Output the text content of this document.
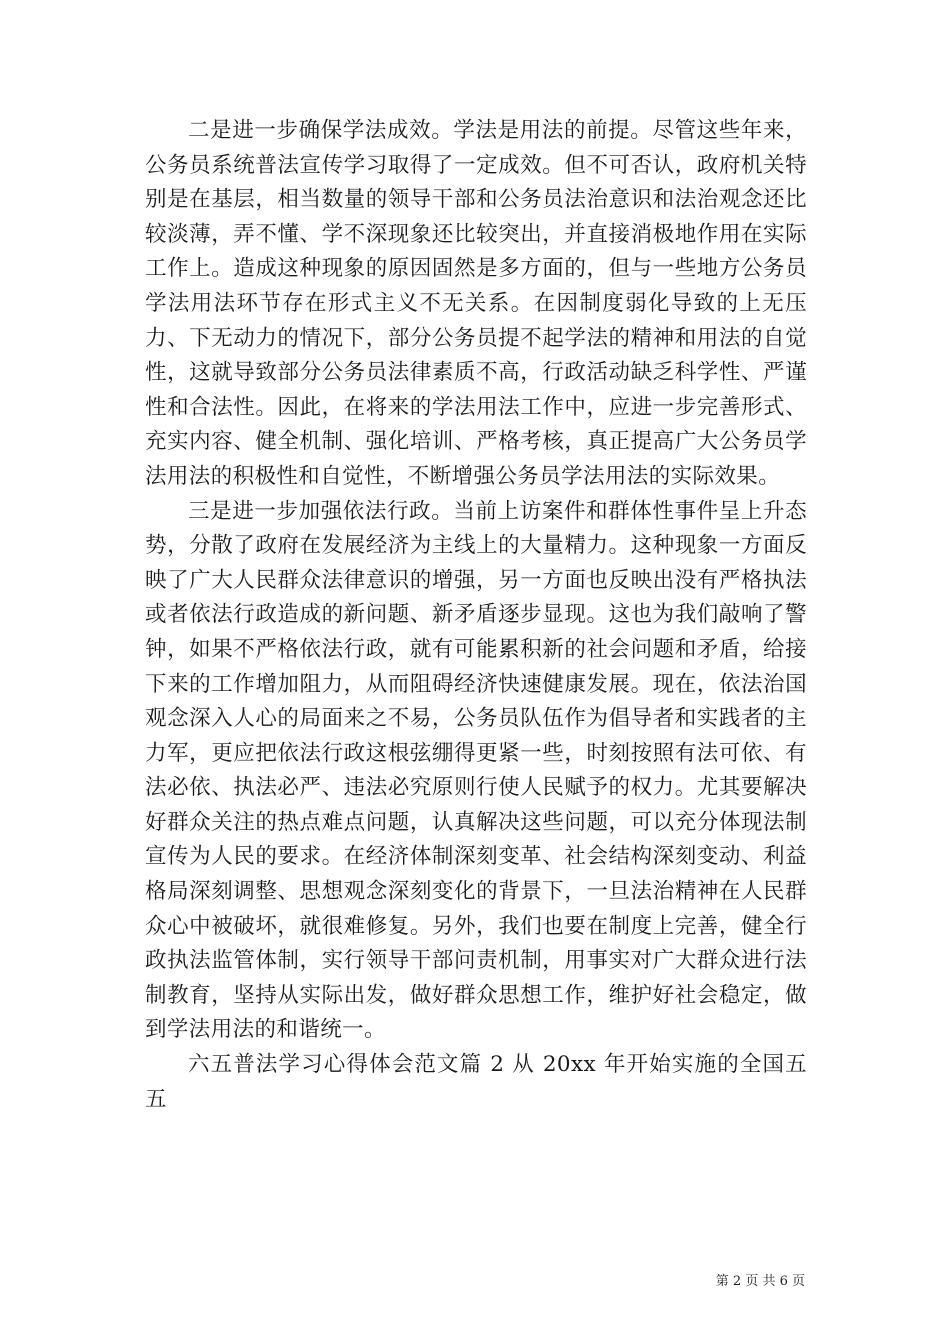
二是进一步确保学法成效。学法是用法的前提。尽管这些年来，公务员系统普法宣传学习取得了一定成效。但不可否认，政府机关特别是在基层，相当数量的领导干部和公务员法治意识和法治观念还比较淡薄，弄不懂、学不深现象还比较突出，并直接消极地作用在实际工作上。造成这种现象的原因固然是多方面的，但与一些地方公务员学法用法环节存在形式主义不无关系。在因制度弱化导致的上无压力、下无动力的情况下，部分公务员提不起学法的精神和用法的自觉性，这就导致部分公务员法律素质不高，行政活动缺乏科学性、严谨性和合法性。因此，在将来的学法用法工作中，应进一步完善形式、充实内容、健全机制、强化培训、严格考核，真正提高广大公务员学法用法的积极性和自觉性，不断增强公务员学法用法的实际效果。

三是进一步加强依法行政。当前上访案件和群体性事件呈上升态势，分散了政府在发展经济为主线上的大量精力。这种现象一方面反映了广大人民群众法律意识的增强，另一方面也反映出没有严格执法或者依法行政造成的新问题、新矛盾逐步显现。这也为我们敲响了警钟，如果不严格依法行政，就有可能累积新的社会问题和矛盾，给接下来的工作增加阻力，从而阻碍经济快速健康发展。现在，依法治国观念深入人心的局面来之不易，公务员队伍作为倡导者和实践者的主力军，更应把依法行政这根弦绷得更紧一些，时刻按照有法可依、有法必依、执法必严、违法必究原则行使人民赋予的权力。尤其要解决好群众关注的热点难点问题，认真解决这些问题，可以充分体现法制宣传为人民的要求。在经济体制深刻变革、社会结构深刻变动、利益格局深刻调整、思想观念深刻变化的背景下，一旦法治精神在人民群众心中被破坏，就很难修复。另外，我们也要在制度上完善，健全行政执法监管体制，实行领导干部问责机制，用事实对广大群众进行法制教育，坚持从实际出发，做好群众思想工作，维护好社会稳定，做到学法用法的和谐统一。

六五普法学习心得体会范文篇 2 从 20xx 年开始实施的全国五五

第 2 页 共 6 页
